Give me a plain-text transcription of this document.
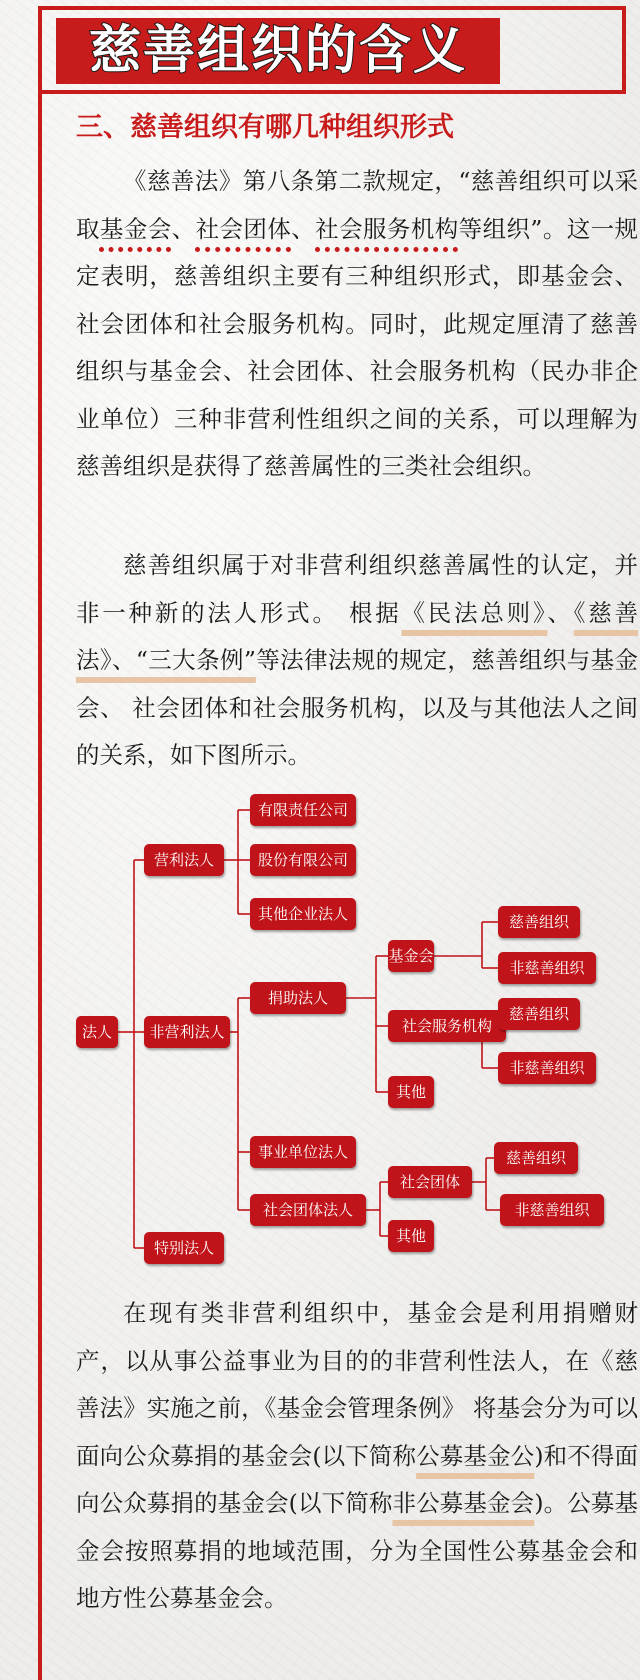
慈善组织的含义
三、慈善组织有哪几种组织形式

《慈善法》第八条第二款规定，“慈善组织可以采取基金会、社会团体、社会服务机构等组织”。这一规定表明，慈善组织主要有三种组织形式，即基金会、社会团体和社会服务机构。同时，此规定厘清了慈善组织与基金会、社会团体、社会服务机构（民办非企业单位）三种非营利性组织之间的关系，可以理解为慈善组织是获得了慈善属性的三类社会组织。

慈善组织属于对非营利组织慈善属性的认定，并非一种新的法人形式。 根据《民法总则》、《慈善法》、“三大条例”等法律法规的规定，慈善组织与基金会、 社会团体和社会服务机构，以及与其他法人之间的关系，如下图所示。

法人
营利法人
有限责任公司
股份有限公司
其他企业法人
非营利法人
捐助法人
基金会
慈善组织
非慈善组织
社会服务机构
慈善组织
非慈善组织
其他
事业单位法人
社会团体法人
社会团体
慈善组织
非慈善组织
其他
特别法人

在现有类非营利组织中，基金会是利用捐赠财产，以从事公益事业为目的的非营利性法人，在《慈善法》实施之前，《基金会管理条例》 将基会分为可以面向公众募捐的基金会(以下简称公募基金公)和不得面向公众募捐的基金会(以下简称非公募基金会)。公募基金会按照募捐的地域范围，分为全国性公募基金会和地方性公募基金会。
